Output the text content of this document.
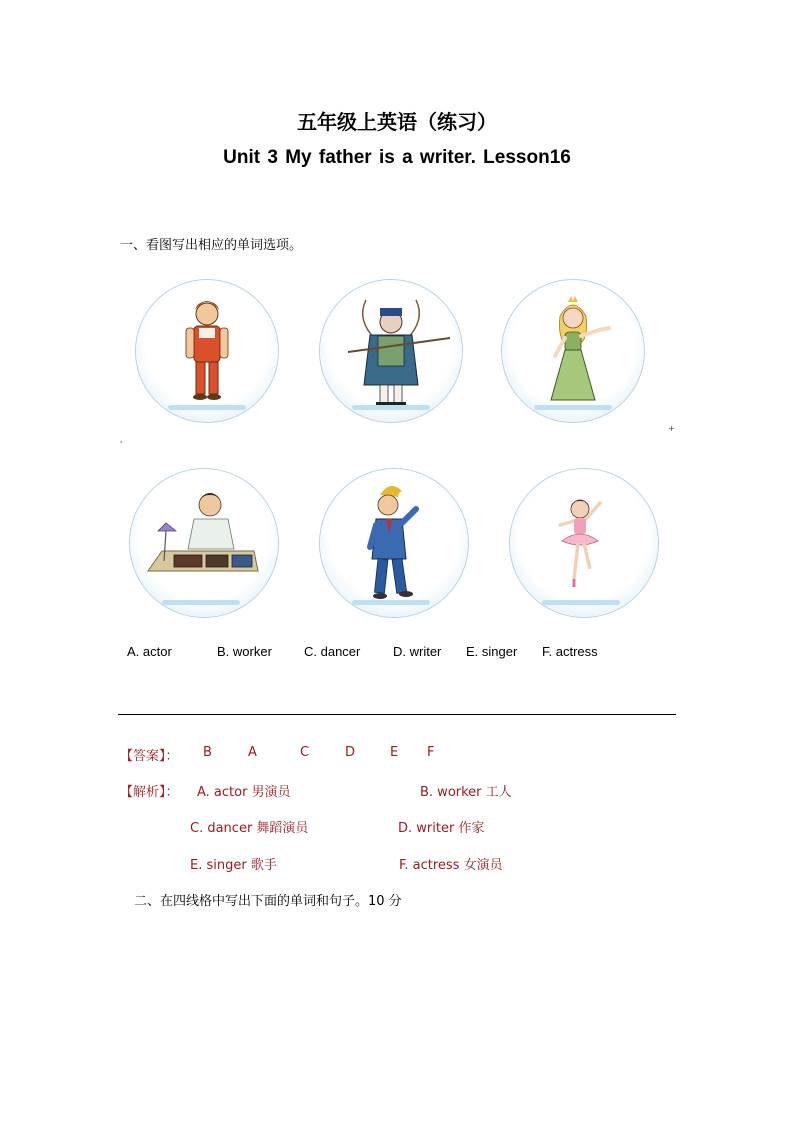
五年级上英语（练习）
Unit 3 My father is a writer. Lesson16
一、看图写出相应的单词选项。
'
+
A. actor	B. worker C. dancer	D. writer E. singer F. actress
【答案】： B	A	C	D	E F
【解析】： A. actor 男演员	B. worker 工人
C. dancer 舞蹈演员	D. writer 作家
E. singer 歌手	F. actress 女演员
二、在四线格中写出下面的单词和句子。10 分
